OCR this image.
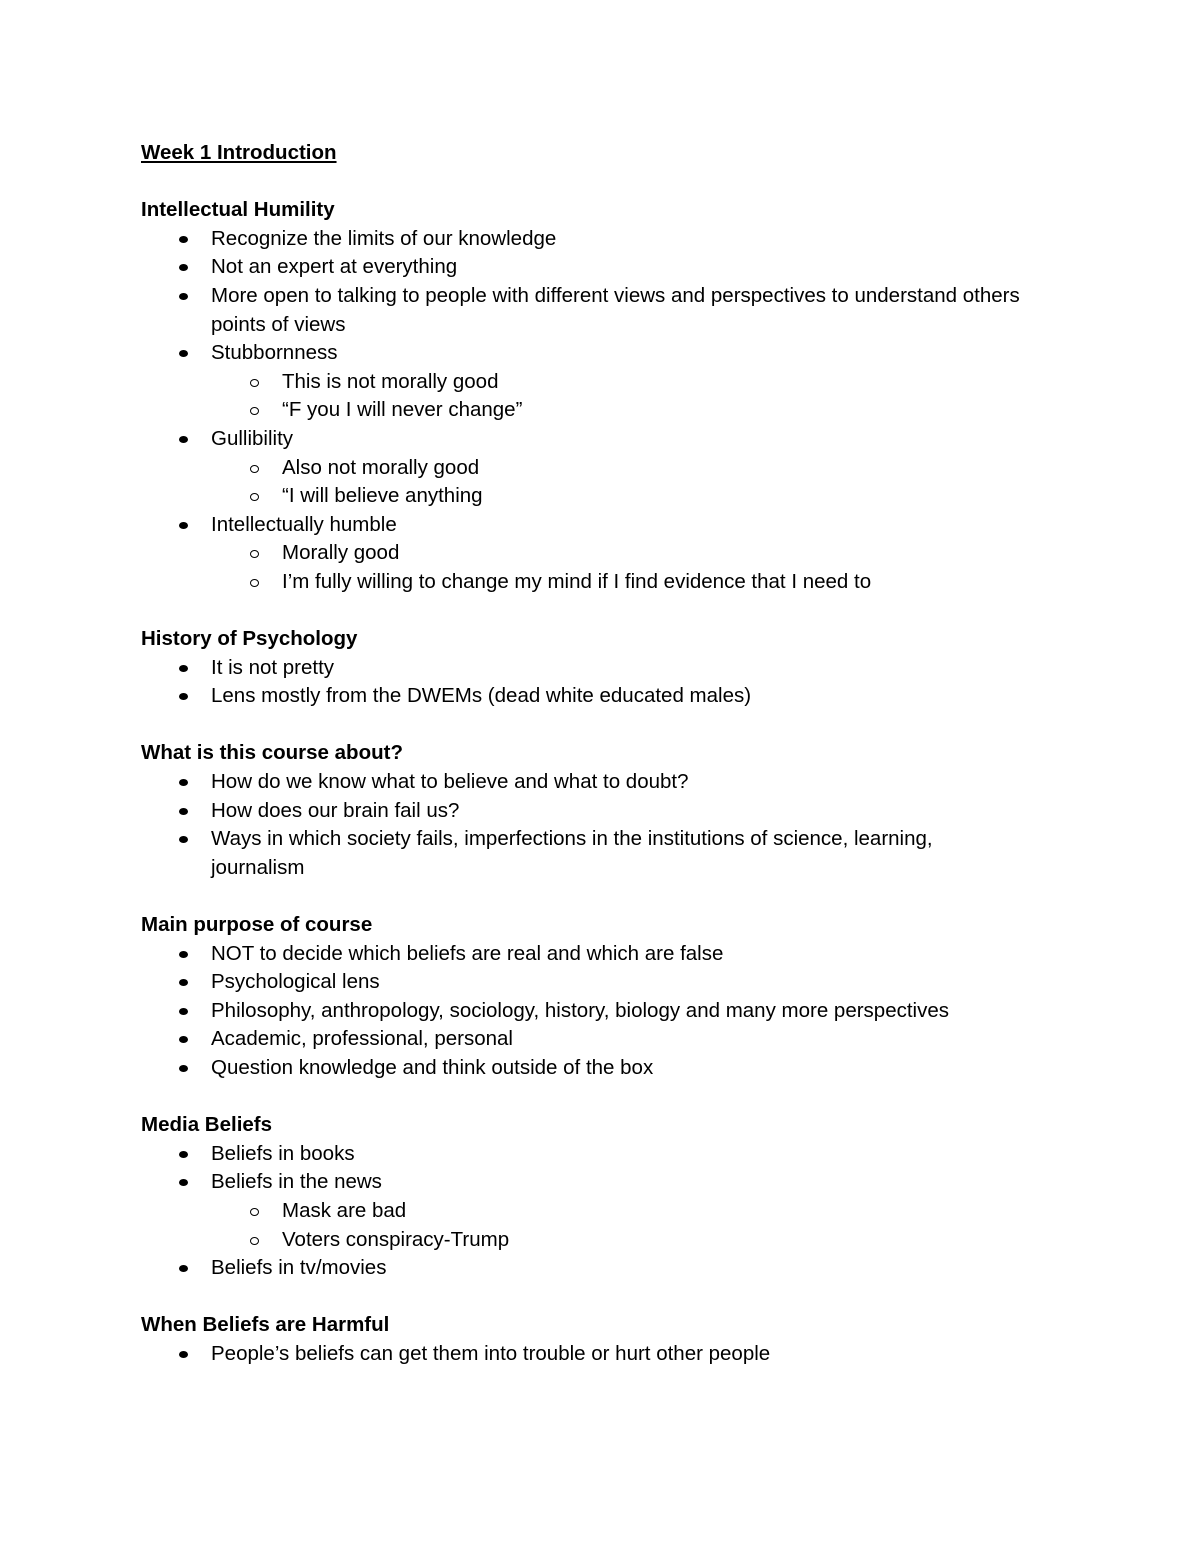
Week 1 Introduction
Intellectual Humility
Recognize the limits of our knowledge
Not an expert at everything
More open to talking to people with different views and perspectives to understand others points of views
Stubbornness
This is not morally good
“F you I will never change”
Gullibility
Also not morally good
“I will believe anything
Intellectually humble
Morally good
I’m fully willing to change my mind if I find evidence that I need to
History of Psychology
It is not pretty
Lens mostly from the DWEMs (dead white educated males)
What is this course about?
How do we know what to believe and what to doubt?
How does our brain fail us?
Ways in which society fails, imperfections in the institutions of science, learning, journalism
Main purpose of course
NOT to decide which beliefs are real and which are false
Psychological lens
Philosophy, anthropology, sociology, history, biology and many more perspectives
Academic, professional, personal
Question knowledge and think outside of the box
Media Beliefs
Beliefs in books
Beliefs in the news
Mask are bad
Voters conspiracy-Trump
Beliefs in tv/movies
When Beliefs are Harmful
People’s beliefs can get them into trouble or hurt other people
